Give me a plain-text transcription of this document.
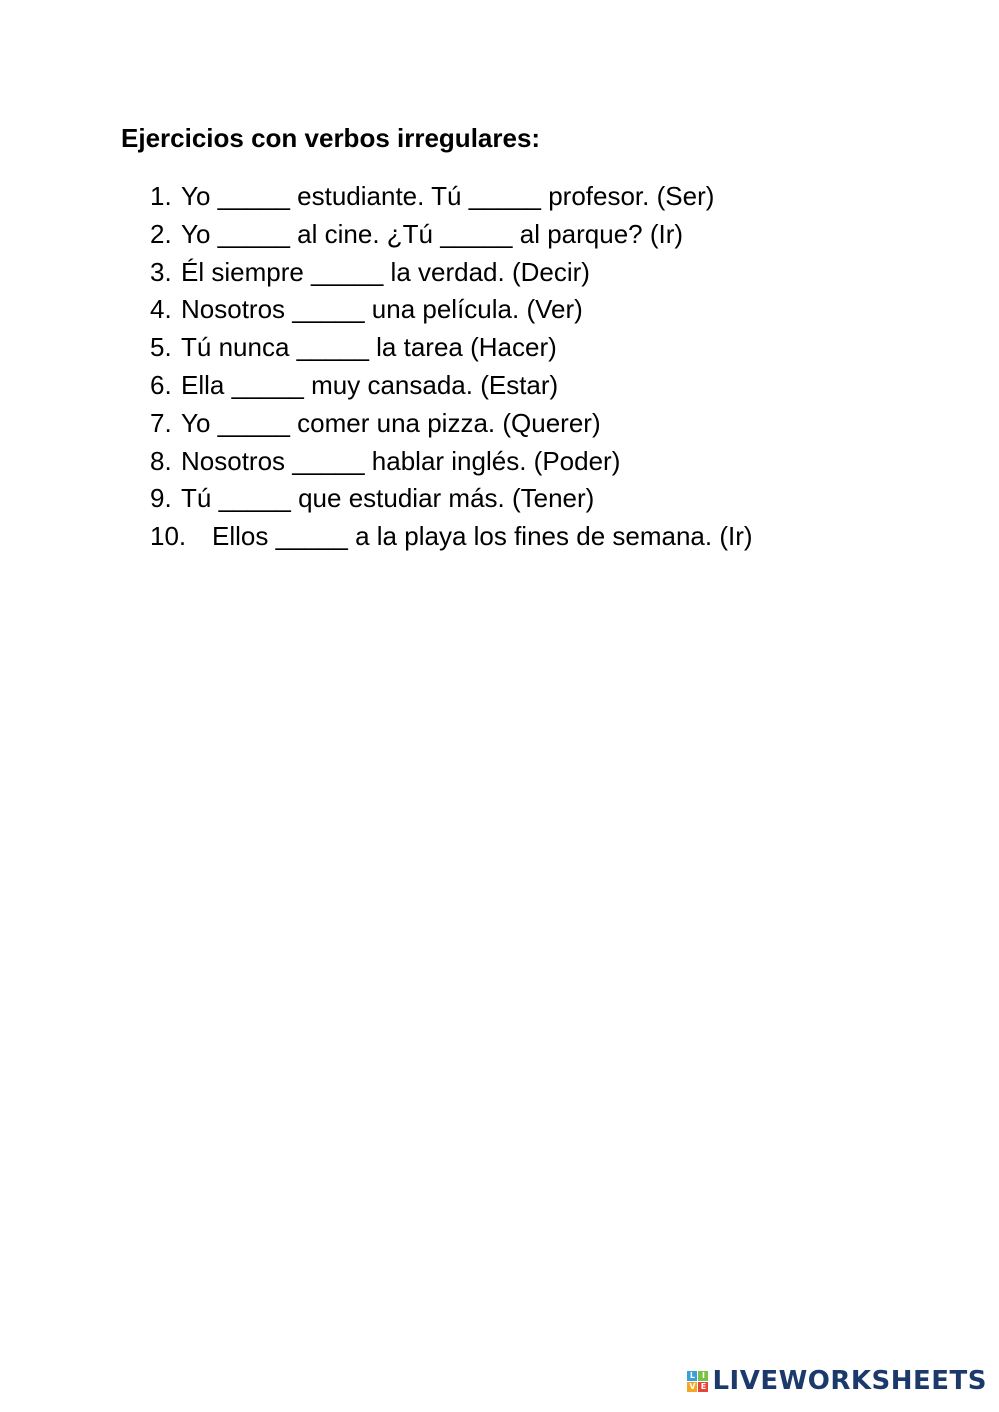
Ejercicios con verbos irregulares:
1. Yo _____ estudiante. Tú _____ profesor. (Ser)
2. Yo _____ al cine. ¿Tú _____ al parque? (Ir)
3. Él siempre _____ la verdad. (Decir)
4. Nosotros _____ una película. (Ver)
5. Tú nunca _____ la tarea (Hacer)
6. Ella _____ muy cansada. (Estar)
7. Yo _____ comer una pizza. (Querer)
8. Nosotros _____ hablar inglés. (Poder)
9. Tú _____ que estudiar más. (Tener)
10. Ellos _____ a la playa los fines de semana. (Ir)
L I
V E LIVEWORKSHEETS
